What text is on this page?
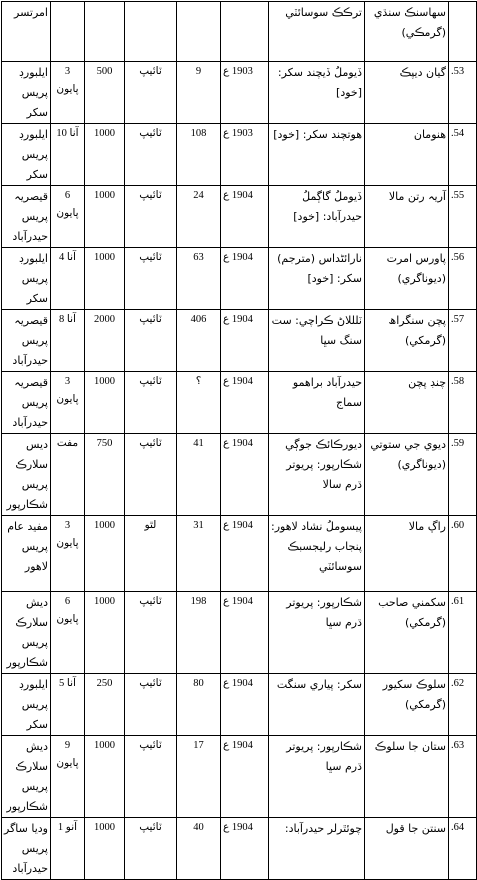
	سهاسنڪ سنڌي (گرمڪي)	ترڪڪ سوسائٽي						امرتسر
.53	گيان ديپڪ	ڏيوملُ ڏيچند سکر: [خود]	1903 ع	9	ٽائيپ	500	3 پايون	ايلبورڊ پريس سکر
.54	هنومان	هوتچند سکر: [خود]	1903 ع	108	ٽائيپ	1000	10 آنا	ايلبورڊ پريس سکر
.55	آريہ رتن مالا	ڏيوملُ گاڳملُ حيدرآباد: [خود]	1904 ع	24	ٽائيپ	1000	6 پايون	قيصريہ پريس حيدرآباد
.56	پاورس امرت (ديوناگري)	نارائڻداس (مترجم) سکر: [خود]	1904 ع	63	ٽائيپ	1000	4 آنا	ايلبورڊ پريس سکر
.57	پچن سنگراھ (گرمکي)	ٽلللاڻ ڪراچي: ست سنگ سڀا	1904 ع	406	ٽائيپ	2000	8 آنا	قيصريہ پريس حيدرآباد
.58	چنڊ پچن	حيدرآباد براهمو سماج	1904 ع	؟	ٽائيپ	1000	3 پايون	قيصريہ پريس حيدرآباد
.59	ديوي جي ستوتي (ديوناگري)	ديورڪائڪ جوڳي شڪارپور: پريوتر ڌرم سالا	1904 ع	41	ٽائيپ	750	مفت	ديس سلارڪ پريس شڪارپور
.60	راڳ مالا	پيسوملُ نشاد لاهور: پنجاب رليجسبڪ سوسائٽي	1904 ع	31	لٿو	1000	3 پايون	مفيد عام پريس لاهور
.61	سکمني صاحب (گرمکي)	شڪارپور: پريوتر ڌرم سڀا	1904 ع	198	ٽائيپ	1000	6 پايون	ديش سلارڪ پريس شڪارپور
.62	سلوڪ سکيور (گرمکي)	سکر: پياري سنگت	1904 ع	80	ٽائيپ	250	5 آنا	ايلبورڊ پريس سکر
.63	ستان جا سلوڪ	شڪارپور: پريوتر ڌرم سڀا	1904 ع	17	ٽائيپ	1000	9 پايون	ديش سلارڪ پريس شڪارپور
.64	سنتن جا قول	چوئٿرلر حيدرآباد:	1904 ع	40	ٽائيپ	1000	1 آنو	وديا ساگر پريس حيدرآباد
